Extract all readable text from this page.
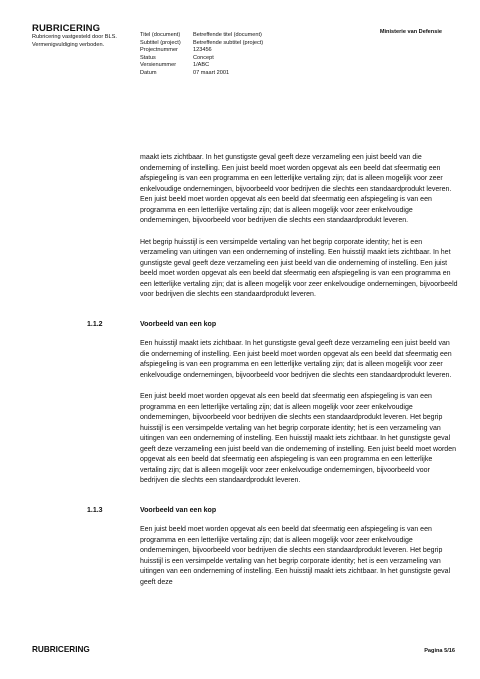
RUBRICERING
Rubricering vastgesteld door BLS.
Vermenigvuldiging verboden.
Titel (document)	Betreffende titel (document)
Subtitel (project)	Betreffende subtitel (project)
Projectnummer	123456
Status	Concept
Versienummer	1/ABC
Datum	07 maart 2001
Ministerie van Defensie

maakt iets zichtbaar. In het gunstigste geval geeft deze verzameling een juist beeld van die onderneming of instelling. Een juist beeld moet worden opgevat als een beeld dat sfeermatig een afspiegeling is van een programma en een letterlijke vertaling zijn; dat is alleen mogelijk voor zeer enkelvoudige ondernemingen, bijvoorbeeld voor bedrijven die slechts een standaardprodukt leveren. Een juist beeld moet worden opgevat als een beeld dat sfeermatig een afspiegeling is van een programma en een letterlijke vertaling zijn; dat is alleen mogelijk voor zeer enkelvoudige ondernemingen, bijvoorbeeld voor bedrijven die slechts een standaardprodukt leveren.

Het begrip huisstijl is een versimpelde vertaling van het begrip corporate identity; het is een verzameling van uitingen van een onderneming of instelling. Een huisstijl maakt iets zichtbaar. In het gunstigste geval geeft deze verzameling een juist beeld van die onderneming of instelling. Een juist beeld moet worden opgevat als een beeld dat sfeermatig een afspiegeling is van een programma en een letterlijke vertaling zijn; dat is alleen mogelijk voor zeer enkelvoudige ondernemingen, bijvoorbeeld voor bedrijven die slechts een standaardprodukt leveren.

1.1.2	Voorbeeld van een kop

Een huisstijl maakt iets zichtbaar. In het gunstigste geval geeft deze verzameling een juist beeld van die onderneming of instelling. Een juist beeld moet worden opgevat als een beeld dat sfeermatig een afspiegeling is van een programma en een letterlijke vertaling zijn; dat is alleen mogelijk voor zeer enkelvoudige ondernemingen, bijvoorbeeld voor bedrijven die slechts een standaardprodukt leveren.

Een juist beeld moet worden opgevat als een beeld dat sfeermatig een afspiegeling is van een programma en een letterlijke vertaling zijn; dat is alleen mogelijk voor zeer enkelvoudige ondernemingen, bijvoorbeeld voor bedrijven die slechts een standaardprodukt leveren. Het begrip huisstijl is een versimpelde vertaling van het begrip corporate identity; het is een verzameling van uitingen van een onderneming of instelling. Een huisstijl maakt iets zichtbaar. In het gunstigste geval geeft deze verzameling een juist beeld van die onderneming of instelling. Een juist beeld moet worden opgevat als een beeld dat sfeermatig een afspiegeling is van een programma en een letterlijke vertaling zijn; dat is alleen mogelijk voor zeer enkelvoudige ondernemingen, bijvoorbeeld voor bedrijven die slechts een standaardprodukt leveren.

1.1.3	Voorbeeld van een kop

Een juist beeld moet worden opgevat als een beeld dat sfeermatig een afspiegeling is van een programma en een letterlijke vertaling zijn; dat is alleen mogelijk voor zeer enkelvoudige ondernemingen, bijvoorbeeld voor bedrijven die slechts een standaardprodukt leveren. Het begrip huisstijl is een versimpelde vertaling van het begrip corporate identity; het is een verzameling van uitingen van een onderneming of instelling. Een huisstijl maakt iets zichtbaar. In het gunstigste geval geeft deze

RUBRICERING	Pagina 5/16
